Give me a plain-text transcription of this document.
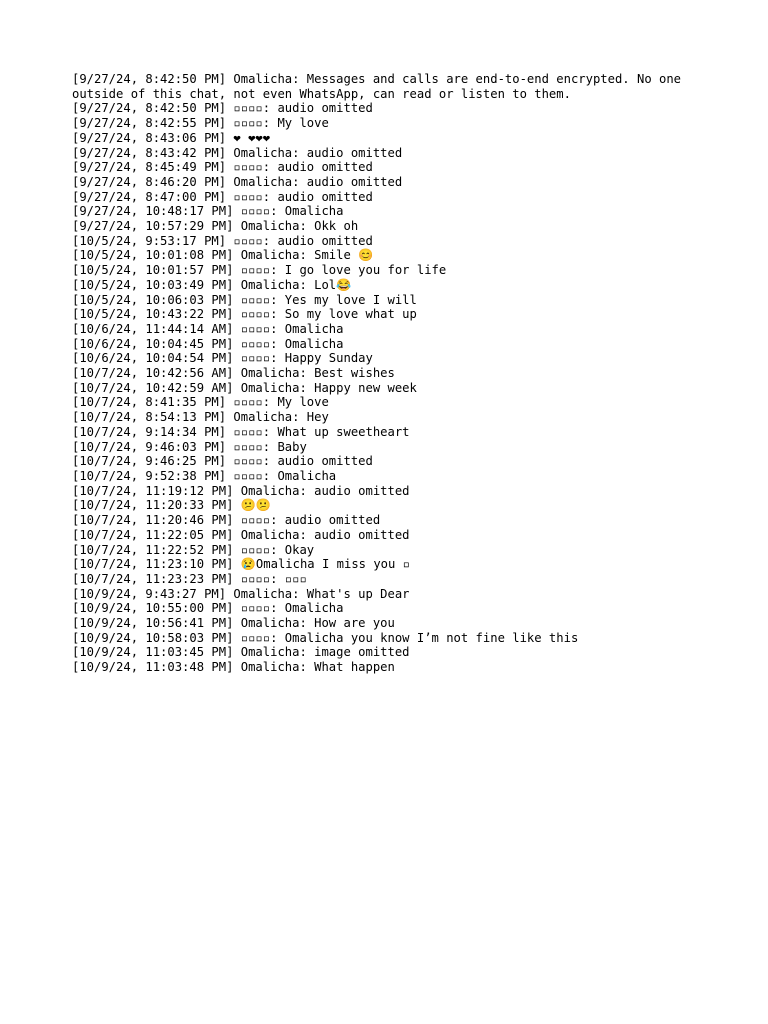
[9/27/24, 8:42:50 PM] Omalicha: Messages and calls are end-to-end encrypted. No one outside of this chat, not even WhatsApp, can read or listen to them.
[9/27/24, 8:42:50 PM] ▫▫▫▫: audio omitted
[9/27/24, 8:42:55 PM] ▫▫▫▫: My love
[9/27/24, 8:43:06 PM] ❤ ❤❤❤
[9/27/24, 8:43:42 PM] Omalicha: audio omitted
[9/27/24, 8:45:49 PM] ▫▫▫▫: audio omitted
[9/27/24, 8:46:20 PM] Omalicha: audio omitted
[9/27/24, 8:47:00 PM] ▫▫▫▫: audio omitted
[9/27/24, 10:48:17 PM] ▫▫▫▫: Omalicha
[9/27/24, 10:57:29 PM] Omalicha: Okk oh
[10/5/24, 9:53:17 PM] ▫▫▫▫: audio omitted
[10/5/24, 10:01:08 PM] Omalicha: Smile 😊
[10/5/24, 10:01:57 PM] ▫▫▫▫: I go love you for life
[10/5/24, 10:03:49 PM] Omalicha: Lol😂
[10/5/24, 10:06:03 PM] ▫▫▫▫: Yes my love I will
[10/5/24, 10:43:22 PM] ▫▫▫▫: So my love what up
[10/6/24, 11:44:14 AM] ▫▫▫▫: Omalicha
[10/6/24, 10:04:45 PM] ▫▫▫▫: Omalicha
[10/6/24, 10:04:54 PM] ▫▫▫▫: Happy Sunday
[10/7/24, 10:42:56 AM] Omalicha: Best wishes
[10/7/24, 10:42:59 AM] Omalicha: Happy new week
[10/7/24, 8:41:35 PM] ▫▫▫▫: My love
[10/7/24, 8:54:13 PM] Omalicha: Hey
[10/7/24, 9:14:34 PM] ▫▫▫▫: What up sweetheart
[10/7/24, 9:46:03 PM] ▫▫▫▫: Baby
[10/7/24, 9:46:25 PM] ▫▫▫▫: audio omitted
[10/7/24, 9:52:38 PM] ▫▫▫▫: Omalicha
[10/7/24, 11:19:12 PM] Omalicha: audio omitted
[10/7/24, 11:20:33 PM] 😕😕
[10/7/24, 11:20:46 PM] ▫▫▫▫: audio omitted
[10/7/24, 11:22:05 PM] Omalicha: audio omitted
[10/7/24, 11:22:52 PM] ▫▫▫▫: Okay
[10/7/24, 11:23:10 PM] 😢Omalicha I miss you ▫
[10/7/24, 11:23:23 PM] ▫▫▫▫: ▫▫▫
[10/9/24, 9:43:27 PM] Omalicha: What's up Dear
[10/9/24, 10:55:00 PM] ▫▫▫▫: Omalicha
[10/9/24, 10:56:41 PM] Omalicha: How are you
[10/9/24, 10:58:03 PM] ▫▫▫▫: Omalicha you know I’m not fine like this
[10/9/24, 11:03:45 PM] Omalicha: image omitted
[10/9/24, 11:03:48 PM] Omalicha: What happen
